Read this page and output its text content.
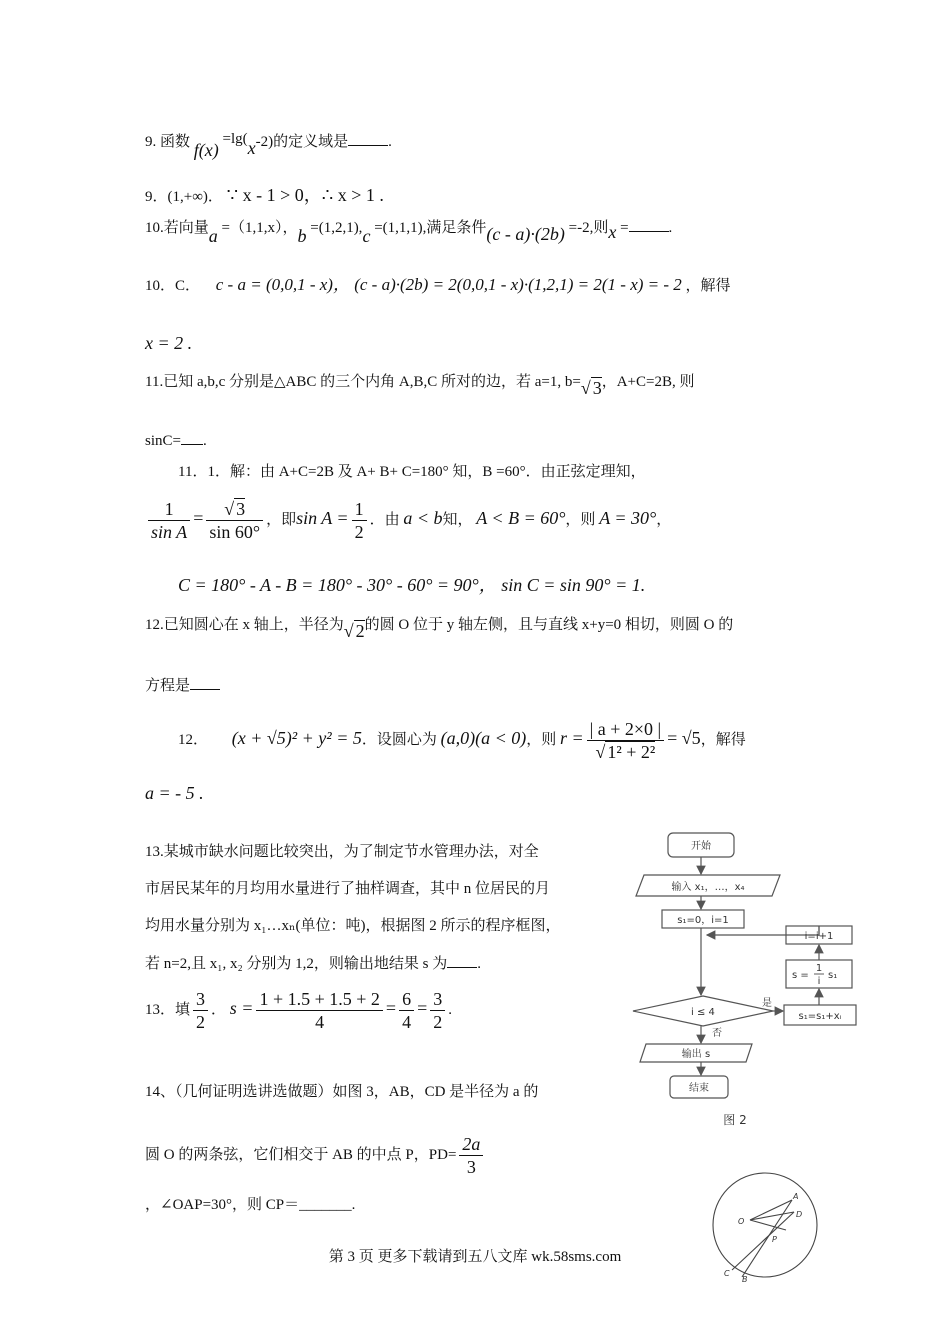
9. 函数 f(x) =lg(x-2)的定义域是	.
9．(1,+∞)． ∵ x - 1 > 0，∴ x > 1 .
10.若向量a =（1,1,x），b =(1,2,1),c =(1,1,1),满足条件(c - a)·(2b) =-2,则x =	.
10．C． c - a = (0,0,1 - x)， (c - a)·(2b) = 2(0,0,1 - x)·(1,2,1) = 2(1 - x) = - 2 ，解得
x = 2 .
11.已知 a,b,c 分别是△ABC 的三个内角 A,B,C 所对的边，若 a=1, b=√ 3，A+C=2B, 则
sinC= .
11．1．解：由 A+C=2B 及 A+ B+ C=180° 知，B =60°．由正弦定理知，
$\frac{1}{\text{sin A}} = \frac{√ 3}{\sin 60^\circ}$ ，即$\sin A = \frac{1}{2}$ ．由 a < b知， A < B = 60°，则 A = 30°，
C = 180° - A - B = 180° - 30° - 60° = 90°， sin C = sin 90° = 1.
12.已知圆心在 x 轴上，半径为√ 2的圆 O 位于 y 轴左侧，且与直线 x+y=0 相切，则圆 O 的
方程是
12． (x + √5)² + y² = 5．设圆心为 (a,0)(a < 0)，则 $r = \frac{| a + 2\times 0 |}{\text{√ 1² + 2²}} = √5$，解得
a = - 5 .
13.某城市缺水问题比较突出，为了制定节水管理办法，对全
市居民某年的月均用水量进行了抽样调查，其中 n 位居民的月
均用水量分别为 x₁…xₙ(单位：吨)，根据图 2 所示的程序框图，
若 n=2,且 x₁, x₂ 分别为 1,2，则输出地结果 s 为 .
13．填 $\frac{3}{2}$ ． $s = \frac{1 + 1.5 + 1.5 + 2}{4} = \frac{6}{4} = \frac{3}{2}$ .
14、（几何证明选讲选做题）如图 3，AB，CD 是半径为 a 的
圆 O 的两条弦，它们相交于 AB 的中点 P，$PD= \frac{2a}{3}$
，∠OAP=30°，则 CP＝_______.
开始
输入 x₁，…，x₄
s₁=0，i=1
i ≤ 4
是
否
s₁=s₁+xᵢ
s =
1
i
s₁
i=i+1
输出 s
结束
图 2
A
O
D
P
C
B
第 3 页 更多下载请到五八文库 wk.58sms.com
